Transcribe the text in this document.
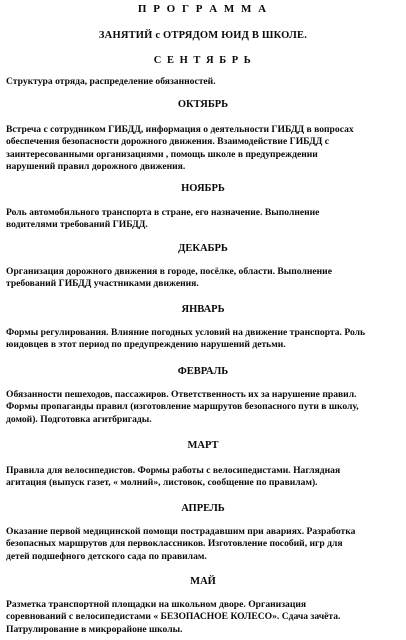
П Р О Г Р А М М А
ЗАНЯТИЙ с ОТРЯДОМ ЮИД В ШКОЛЕ.
С Е Н Т Я Б Р Ь
Структура отряда, распределение обязанностей.
ОКТЯБРЬ
Встреча с сотрудником ГИБДД, информация о деятельности ГИБДД в вопросах
обеспечения безопасности дорожного движения. Взаимодействие ГИБДД с
заинтересованными организациями , помощь школе в предупреждении
нарушений правил дорожного движения.
НОЯБРЬ
Роль автомобильного транспорта в стране, его назначение. Выполнение
водителями требований ГИБДД.
ДЕКАБРЬ
Организация дорожного движения в городе, посёлке, области. Выполнение
требований ГИБДД участниками движения.
ЯНВАРЬ
Формы регулирования. Влияние погодных условий на движение транспорта. Роль
юидовцев в этот период по предупреждению нарушений детьми.
ФЕВРАЛЬ
Обязанности пешеходов, пассажиров. Ответственность их за нарушение правил.
Формы пропаганды правил (изготовление маршрутов безопасного пути в школу,
домой). Подготовка агитбригады.
МАРТ
Правила для велосипедистов. Формы работы с велосипедистами. Наглядная
агитация (выпуск газет, « молний», листовок, сообщение по правилам).
АПРЕЛЬ
Оказание первой медицинской помощи пострадавшим при авариях. Разработка
безопасных маршрутов для первоклассников. Изготовление пособий, игр для
детей подшефного детского сада по правилам.
МАЙ
Разметка транспортной площадки на школьном дворе. Организация
соревнований с велосипедистами « БЕЗОПАСНОЕ КОЛЕСО». Сдача зачёта.
Патрулирование в микрорайоне школы.
